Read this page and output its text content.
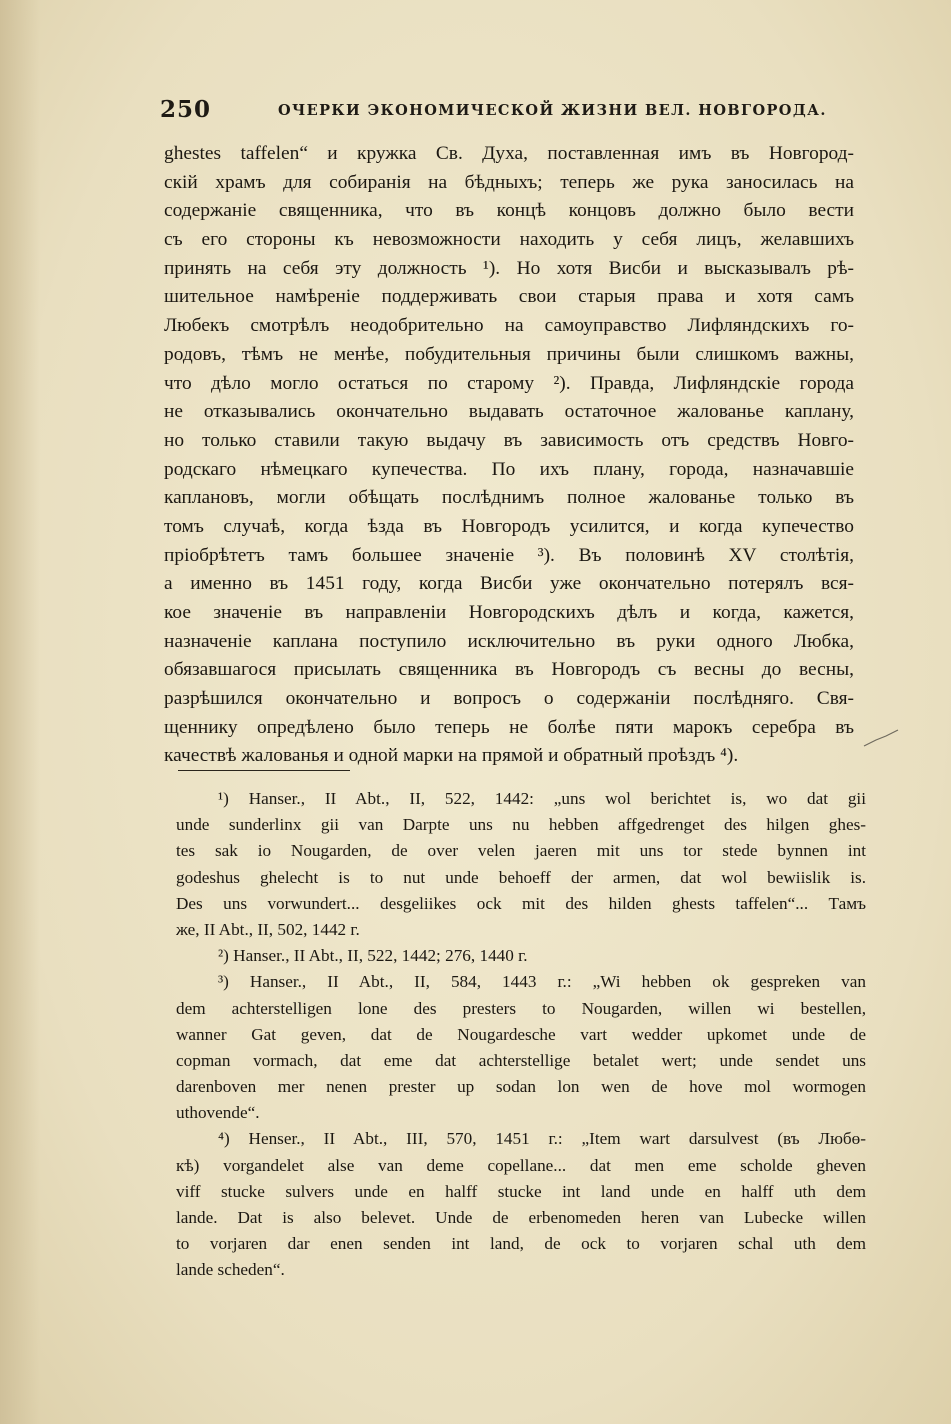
250	ОЧЕРКИ ЭКОНОМИЧЕСКОЙ ЖИЗНИ ВЕЛ. НОВГОРОДА.
ghestes taffelen“ и кружка Св. Духа, поставленная имъ въ Новгород-
скій храмъ для собиранія на бѣдныхъ; теперь же рука заносилась на
содержаніе священника, что въ концѣ концовъ должно было вести
съ его стороны къ невозможности находить у себя лицъ, желавшихъ
принять на себя эту должность ¹). Но хотя Висби и высказывалъ рѣ-
шительное намѣреніе поддерживать свои старыя права и хотя самъ
Любекъ смотрѣлъ неодобрительно на самоуправство Лифляндскихъ го-
родовъ, тѣмъ не менѣе, побудительныя причины были слишкомъ важны,
что дѣло могло остаться по старому ²). Правда, Лифляндскіе города
не отказывались окончательно выдавать остаточное жалованье каплану,
но только ставили такую выдачу въ зависимость отъ средствъ Новго-
родскаго нѣмецкаго купечества. По ихъ плану, города, назначавшіе
каплановъ, могли обѣщать послѣднимъ полное жалованье только въ
томъ случаѣ, когда ѣзда въ Новгородъ усилится, и когда купечество
пріобрѣтетъ тамъ большее значеніе ³). Въ половинѣ XV столѣтія,
а именно въ 1451 году, когда Висби уже окончательно потерялъ вся-
кое значеніе въ направленіи Новгородскихъ дѣлъ и когда, кажется,
назначеніе каплана поступило исключительно въ руки одного Любка,
обязавшагося присылать священника въ Новгородъ съ весны до весны,
разрѣшился окончательно и вопросъ о содержаніи послѣдняго. Свя-
щеннику опредѣлено было теперь не болѣе пяти марокъ серебра въ
качествѣ жалованья и одной марки на прямой и обратный проѣздъ ⁴).
¹) Hanser., II Abt., II, 522, 1442: „uns wol berichtet is, wo dat gii
unde sunderlinx gii van Darpte uns nu hebben affgedrenget des hilgen ghes-
tes sak io Nougarden, de over velen jaeren mit uns tor stede bynnen int
godeshus ghelecht is to nut unde behoeff der armen, dat wol bewiislik is.
Des uns vorwundert... desgeliikes ock mit des hilden ghests taffelen“... Тамъ
же, II Abt., II, 502, 1442 г.
²) Hanser., II Abt., II, 522, 1442; 276, 1440 г.
³) Hanser., II Abt., II, 584, 1443 г.: „Wi hebben ok gespreken van
dem achterstelligen lone des presters to Nougarden, willen wi bestellen,
wanner Gat geven, dat de Nougardesche vart wedder upkomet unde de
copman vormach, dat eme dat achterstellige betalet wert; unde sendet uns
darenboven mer nenen prester up sodan lon wen de hove mol wormogen
uthovende“.
⁴) Henser., II Abt., III, 570, 1451 г.: „Item wart darsulvest (въ Любө-
кѣ) vorgandelet alse van deme copellane... dat men eme scholde gheven
viff stucke sulvers unde en halff stucke int land unde en halff uth dem
lande. Dat is also belevet. Unde de erbenomeden heren van Lubecke willen
to vorjaren dar enen senden int land, de ock to vorjaren schal uth dem
lande scheden“.
